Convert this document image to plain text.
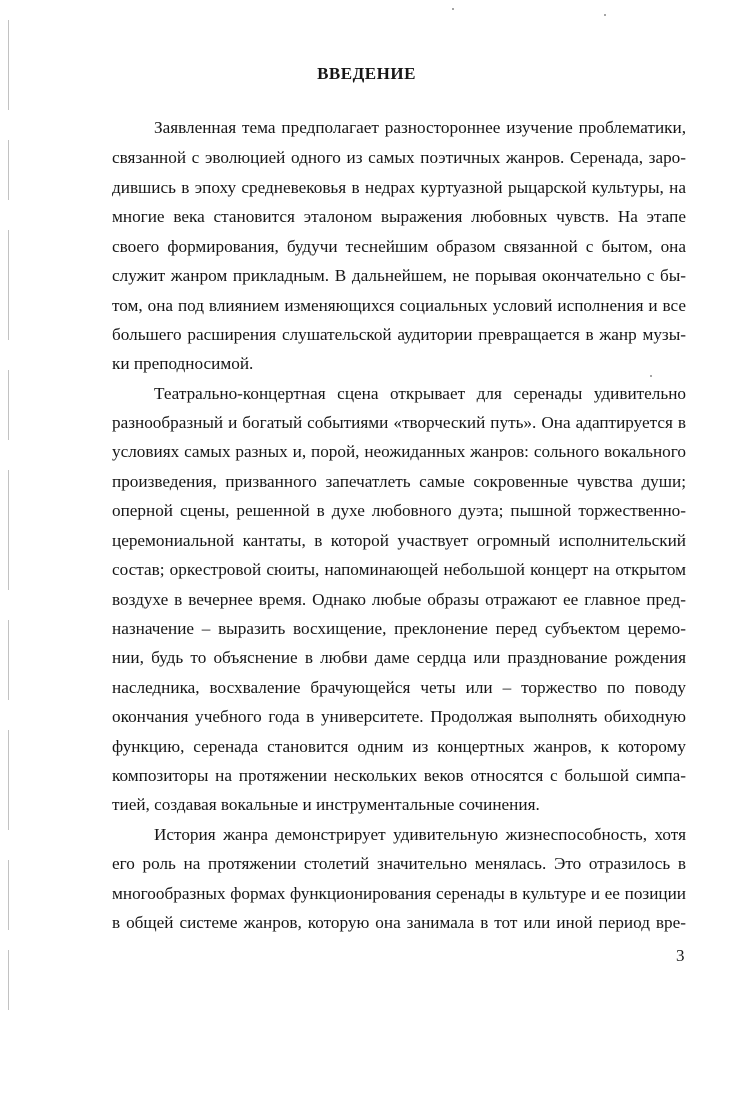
ВВЕДЕНИЕ
Заявленная тема предполагает разностороннее изучение проблематики,
связанной с эволюцией одного из самых поэтичных жанров. Серенада, заро-
дившись в эпоху средневековья в недрах куртуазной рыцарской культуры, на
многие века становится эталоном выражения любовных чувств. На этапе
своего формирования, будучи теснейшим образом связанной с бытом, она
служит жанром прикладным. В дальнейшем, не порывая окончательно с бы-
том, она под влиянием изменяющихся социальных условий исполнения и все
большего расширения слушательской аудитории превращается в жанр музы-
ки преподносимой.
Театрально-концертная сцена открывает для серенады удивительно
разнообразный и богатый событиями «творческий путь». Она адаптируется в
условиях самых разных и, порой, неожиданных жанров: сольного вокального
произведения, призванного запечатлеть самые сокровенные чувства души;
оперной сцены, решенной в духе любовного дуэта; пышной торжественно-
церемониальной кантаты, в которой участвует огромный исполнительский
состав; оркестровой сюиты, напоминающей небольшой концерт на открытом
воздухе в вечернее время. Однако любые образы отражают ее главное пред-
назначение – выразить восхищение, преклонение перед субъектом церемо-
нии, будь то объяснение в любви даме сердца или празднование рождения
наследника, восхваление брачующейся четы или – торжество по поводу
окончания учебного года в университете. Продолжая выполнять обиходную
функцию, серенада становится одним из концертных жанров, к которому
композиторы на протяжении нескольких веков относятся с большой симпа-
тией, создавая вокальные и инструментальные сочинения.
История жанра демонстрирует удивительную жизнеспособность, хотя
его роль на протяжении столетий значительно менялась. Это отразилось в
многообразных формах функционирования серенады в культуре и ее позиции
в общей системе жанров, которую она занимала в тот или иной период вре-
3
